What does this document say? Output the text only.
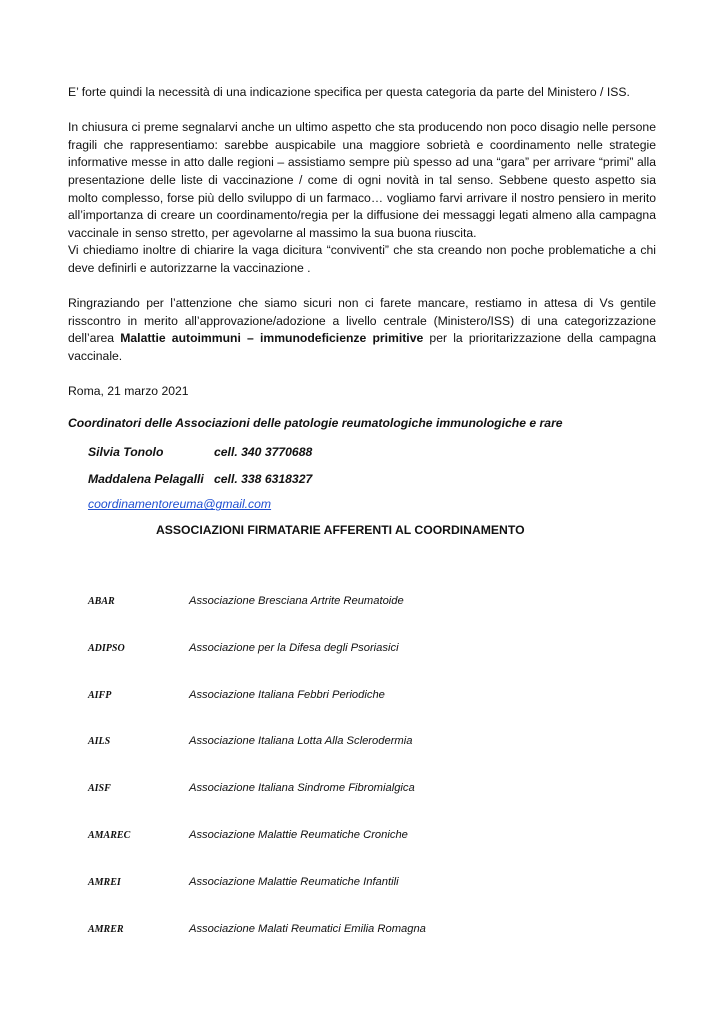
E’ forte quindi la necessità di una indicazione specifica per questa categoria da parte del Ministero / ISS.

In chiusura ci preme segnalarvi anche un ultimo aspetto che sta producendo non poco disagio nelle persone fragili che rappresentiamo: sarebbe auspicabile una maggiore sobrietà e coordinamento nelle strategie informative messe in atto dalle regioni – assistiamo sempre più spesso ad una “gara” per arrivare “primi” alla presentazione delle liste di vaccinazione / come di ogni novità in tal senso. Sebbene questo aspetto sia molto complesso, forse più dello sviluppo di un farmaco… vogliamo farvi arrivare il nostro pensiero in merito all’importanza di creare un coordinamento/regia per la diffusione dei messaggi legati almeno alla campagna vaccinale in senso stretto, per agevolarne al massimo la sua buona riuscita.

Vi chiediamo inoltre di chiarire la vaga dicitura “conviventi” che sta creando non poche problematiche a chi deve definirli e autorizzarne la vaccinazione .

Ringraziando per l’attenzione che siamo sicuri non ci farete mancare, restiamo in attesa di Vs gentile risscontro in merito all’approvazione/adozione a livello centrale (Ministero/ISS) di una categorizzazione dell’area Malattie autoimmuni – immunodeficienze primitive per la prioritarizzazione della campagna vaccinale.

Roma, 21 marzo 2021

Coordinatori delle Associazioni delle patologie reumatologiche immunologiche e rare

Silvia Tonolo	cell. 340 3770688
Maddalena Pelagalli cell. 338 6318327
coordinamentoreuma@gmail.com

ASSOCIAZIONI FIRMATARIE AFFERENTI AL COORDINAMENTO

ABAR	Associazione Bresciana Artrite Reumatoide
ADIPSO	Associazione per la Difesa degli Psoriasici
AIFP	Associazione Italiana Febbri Periodiche
AILS	Associazione Italiana Lotta Alla Sclerodermia
AISF	Associazione Italiana Sindrome Fibromialgica
AMAREC	Associazione Malattie Reumatiche Croniche
AMREI	Associazione Malattie Reumatiche Infantili
AMRER	Associazione Malati Reumatici Emilia Romagna
